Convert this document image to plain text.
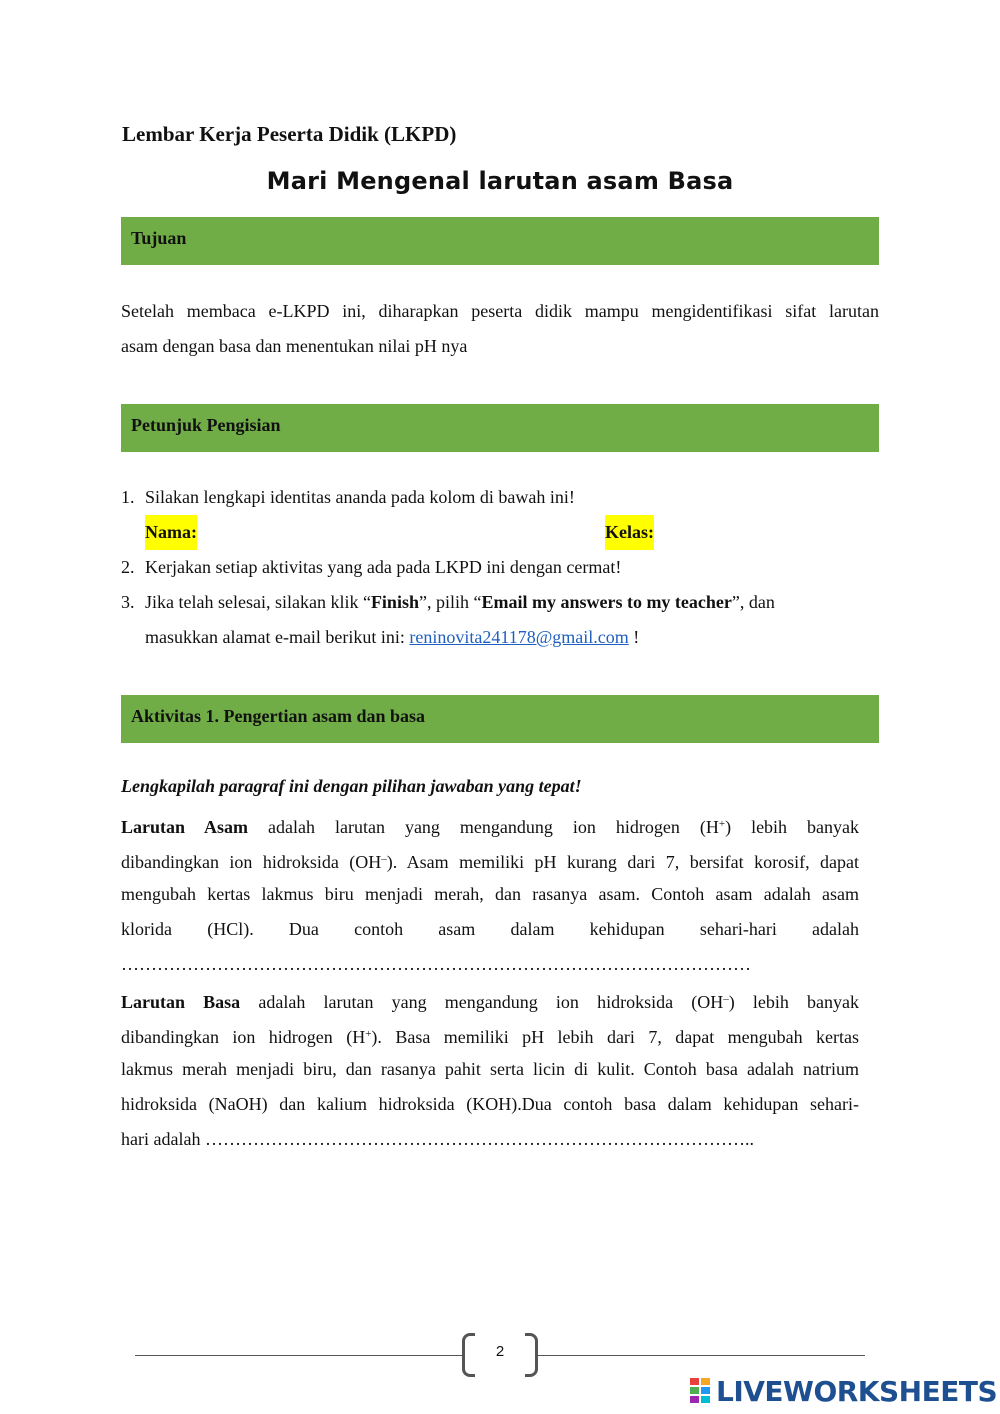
Lembar Kerja Peserta Didik (LKPD)
Mari Mengenal larutan asam Basa
Tujuan
Setelah membaca e-LKPD ini, diharapkan peserta didik mampu mengidentifikasi sifat larutan
asam dengan basa dan menentukan nilai pH nya
Petunjuk Pengisian
1. Silakan lengkapi identitas ananda pada kolom di bawah ini!
Nama:	Kelas:
2. Kerjakan setiap aktivitas yang ada pada LKPD ini dengan cermat!
3. Jika telah selesai, silakan klik “Finish”, pilih “Email my answers to my teacher”, dan
masukkan alamat e-mail berikut ini: reninovita241178@gmail.com !
Aktivitas 1. Pengertian asam dan basa
Lengkapilah paragraf ini dengan pilihan jawaban yang tepat!
Larutan Asam adalah larutan yang mengandung ion hidrogen (H+) lebih banyak
dibandingkan ion hidroksida (OH–). Asam memiliki pH kurang dari 7, bersifat korosif, dapat
mengubah kertas lakmus biru menjadi merah, dan rasanya asam. Contoh asam adalah asam
klorida (HCl). Dua contoh asam dalam kehidupan sehari-hari adalah
……………………………………………………………………………………………
Larutan Basa adalah larutan yang mengandung ion hidroksida (OH–) lebih banyak
dibandingkan ion hidrogen (H+). Basa memiliki pH lebih dari 7, dapat mengubah kertas
lakmus merah menjadi biru, dan rasanya pahit serta licin di kulit. Contoh basa adalah natrium
hidroksida (NaOH) dan kalium hidroksida (KOH).Dua contoh basa dalam kehidupan sehari-
hari adalah ………………………………………………………………………………..
2
LIVEWORKSHEETS
